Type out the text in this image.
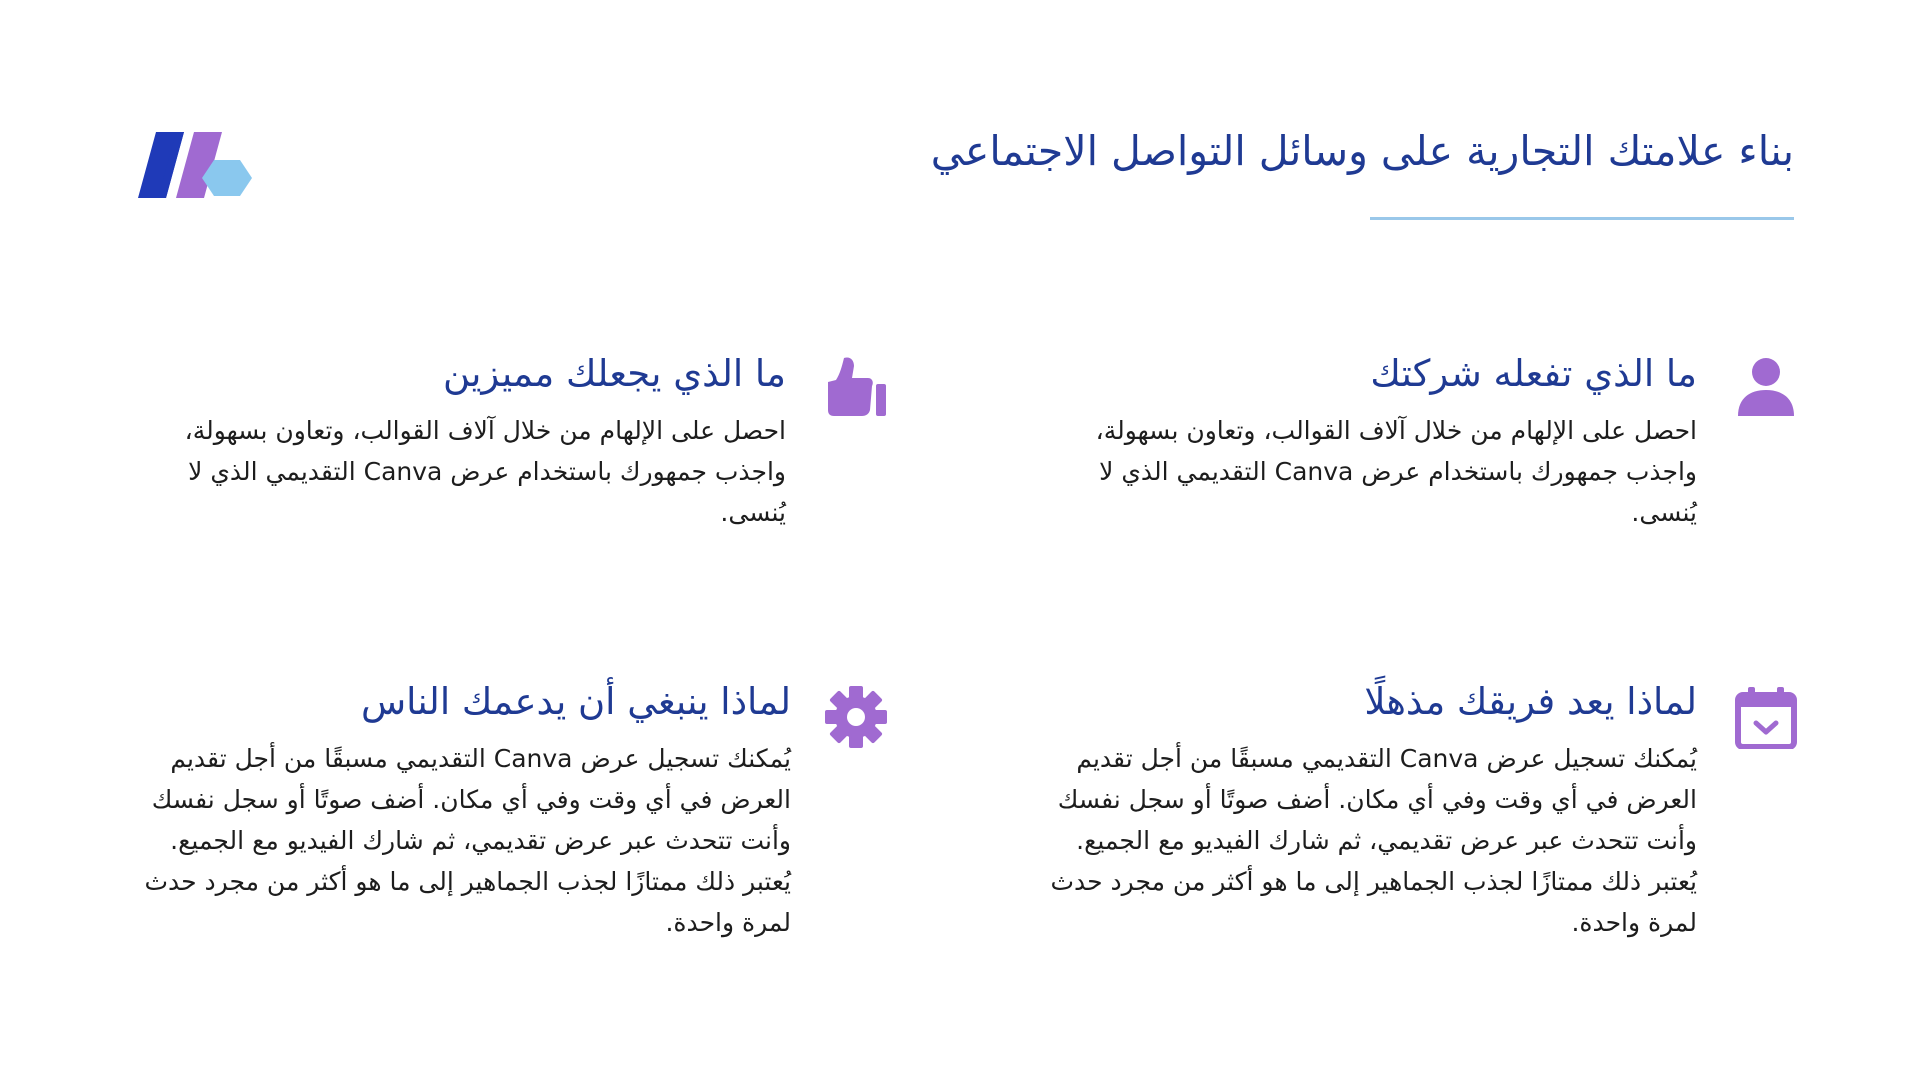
بناء علامتك التجارية على وسائل التواصل الاجتماعي
ما الذي تفعله شركتك

احصل على الإلهام من خلال آلاف القوالب، وتعاون بسهولة، واجذب جمهورك باستخدام عرض Canva التقديمي الذي لا يُنسى.

ما الذي يجعلك مميزين

احصل على الإلهام من خلال آلاف القوالب، وتعاون بسهولة، واجذب جمهورك باستخدام عرض Canva التقديمي الذي لا يُنسى.

لماذا يعد فريقك مذهلًا

يُمكنك تسجيل عرض Canva التقديمي مسبقًا من أجل تقديم العرض في أي وقت وفي أي مكان. أضف صوتًا أو سجل نفسك وأنت تتحدث عبر عرض تقديمي، ثم شارك الفيديو مع الجميع. يُعتبر ذلك ممتازًا لجذب الجماهير إلى ما هو أكثر من مجرد حدث لمرة واحدة.

لماذا ينبغي أن يدعمك الناس

يُمكنك تسجيل عرض Canva التقديمي مسبقًا من أجل تقديم العرض في أي وقت وفي أي مكان. أضف صوتًا أو سجل نفسك وأنت تتحدث عبر عرض تقديمي، ثم شارك الفيديو مع الجميع. يُعتبر ذلك ممتازًا لجذب الجماهير إلى ما هو أكثر من مجرد حدث لمرة واحدة.
